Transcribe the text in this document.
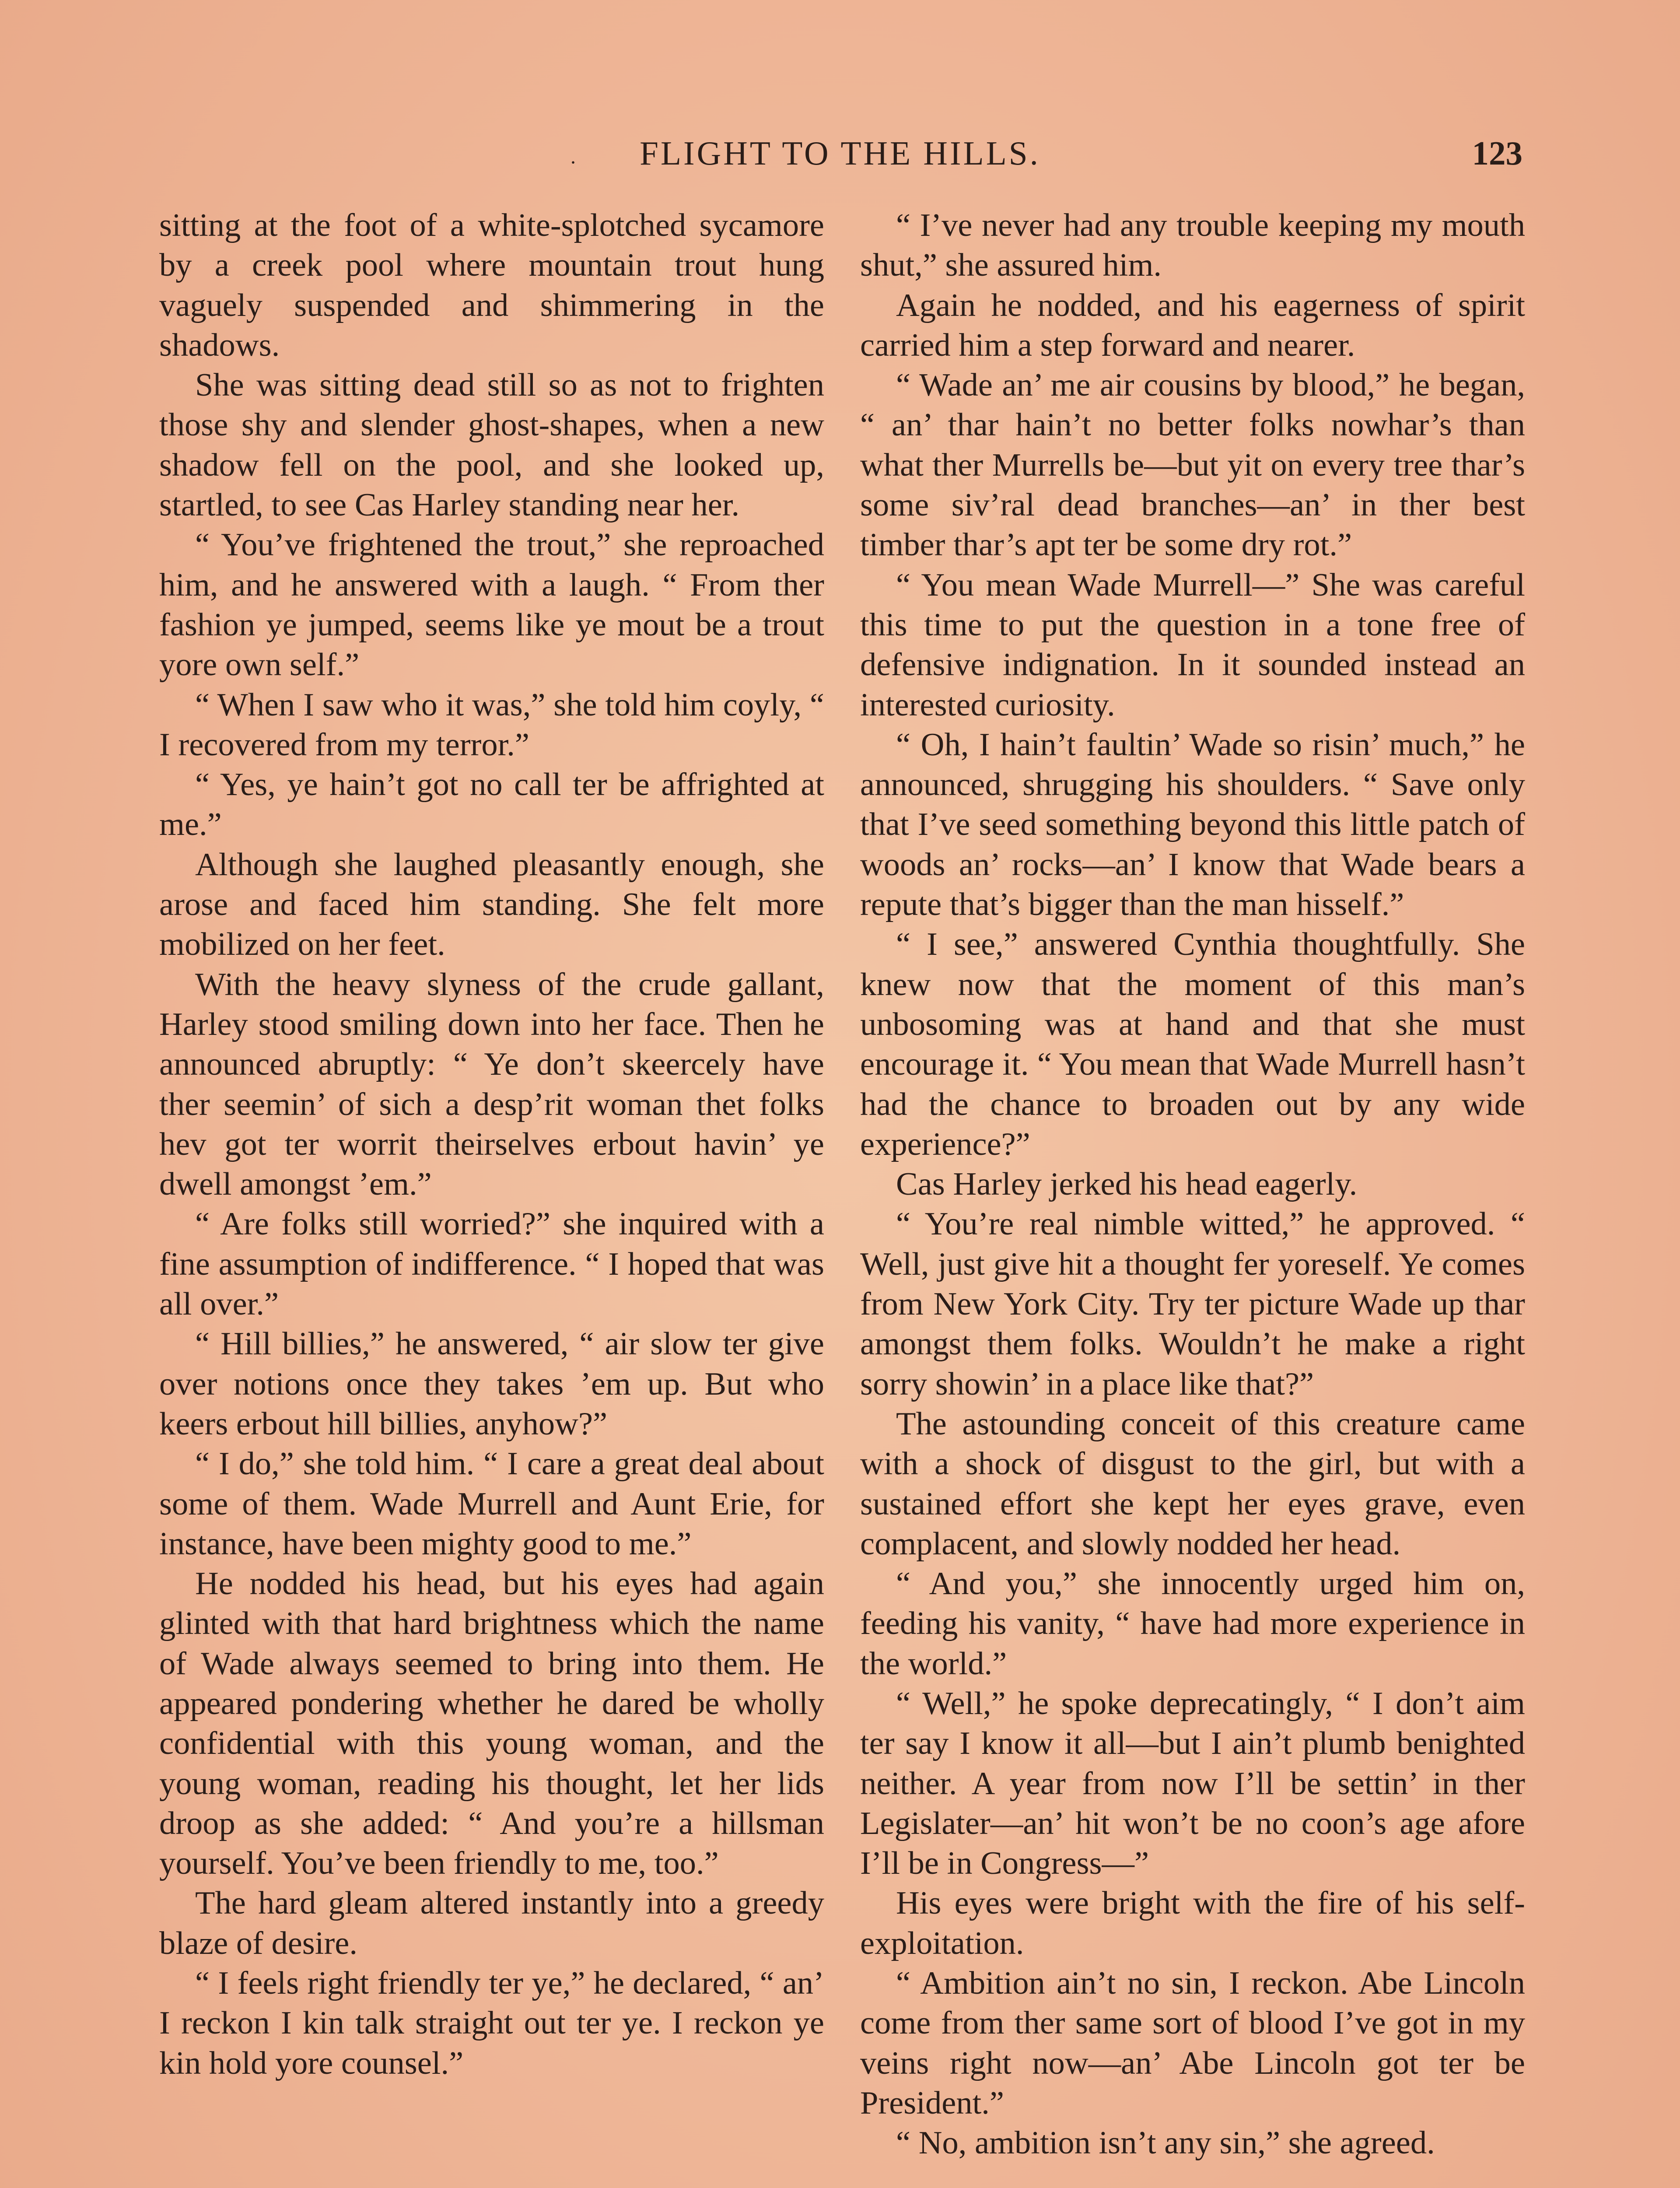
·	FLIGHT TO THE HILLS.	123

sitting at the foot of a white-splotched sycamore by a creek pool where mountain trout hung vaguely suspended and shimmering in the shadows.

She was sitting dead still so as not to frighten those shy and slender ghost-shapes, when a new shadow fell on the pool, and she looked up, startled, to see Cas Harley standing near her.

“ You’ve frightened the trout,” she reproached him, and he answered with a laugh. “ From ther fashion ye jumped, seems like ye mout be a trout yore own self.”

“ When I saw who it was,” she told him coyly, “ I recovered from my terror.”

“ Yes, ye hain’t got no call ter be affrighted at me.”

Although she laughed pleasantly enough, she arose and faced him standing. She felt more mobilized on her feet.

With the heavy slyness of the crude gallant, Harley stood smiling down into her face. Then he announced abruptly: “ Ye don’t skeercely have ther seemin’ of sich a desp’rit woman thet folks hev got ter worrit theirselves erbout havin’ ye dwell amongst ’em.”

“ Are folks still worried?” she inquired with a fine assumption of indifference. “ I hoped that was all over.”

“ Hill billies,” he answered, “ air slow ter give over notions once they takes ’em up. But who keers erbout hill billies, anyhow?”

“ I do,” she told him. “ I care a great deal about some of them. Wade Murrell and Aunt Erie, for instance, have been mighty good to me.”

He nodded his head, but his eyes had again glinted with that hard brightness which the name of Wade always seemed to bring into them. He appeared pondering whether he dared be wholly confidential with this young woman, and the young woman, reading his thought, let her lids droop as she added: “ And you’re a hillsman yourself. You’ve been friendly to me, too.”

The hard gleam altered instantly into a greedy blaze of desire.

“ I feels right friendly ter ye,” he declared, “ an’ I reckon I kin talk straight out ter ye. I reckon ye kin hold yore counsel.”

“ I’ve never had any trouble keeping my mouth shut,” she assured him.

Again he nodded, and his eagerness of spirit carried him a step forward and nearer.

“ Wade an’ me air cousins by blood,” he began, “ an’ thar hain’t no better folks nowhar’s than what ther Murrells be—but yit on every tree thar’s some siv’ral dead branches—an’ in ther best timber thar’s apt ter be some dry rot.”

“ You mean Wade Murrell—” She was careful this time to put the question in a tone free of defensive indignation. In it sounded instead an interested curiosity.

“ Oh, I hain’t faultin’ Wade so risin’ much,” he announced, shrugging his shoulders. “ Save only that I’ve seed something beyond this little patch of woods an’ rocks—an’ I know that Wade bears a repute that’s bigger than the man hisself.”

“ I see,” answered Cynthia thoughtfully. She knew now that the moment of this man’s unbosoming was at hand and that she must encourage it. “ You mean that Wade Murrell hasn’t had the chance to broaden out by any wide experience?”

Cas Harley jerked his head eagerly.

“ You’re real nimble witted,” he approved. “ Well, just give hit a thought fer yoreself. Ye comes from New York City. Try ter picture Wade up thar amongst them folks. Wouldn’t he make a right sorry showin’ in a place like that?”

The astounding conceit of this creature came with a shock of disgust to the girl, but with a sustained effort she kept her eyes grave, even complacent, and slowly nodded her head.

“ And you,” she innocently urged him on, feeding his vanity, “ have had more experience in the world.”

“ Well,” he spoke deprecatingly, “ I don’t aim ter say I know it all—but I ain’t plumb benighted neither. A year from now I’ll be settin’ in ther Legislater—an’ hit won’t be no coon’s age afore I’ll be in Congress—”

His eyes were bright with the fire of his self-exploitation.

“ Ambition ain’t no sin, I reckon. Abe Lincoln come from ther same sort of blood I’ve got in my veins right now—an’ Abe Lincoln got ter be President.”

“ No, ambition isn’t any sin,” she agreed.
